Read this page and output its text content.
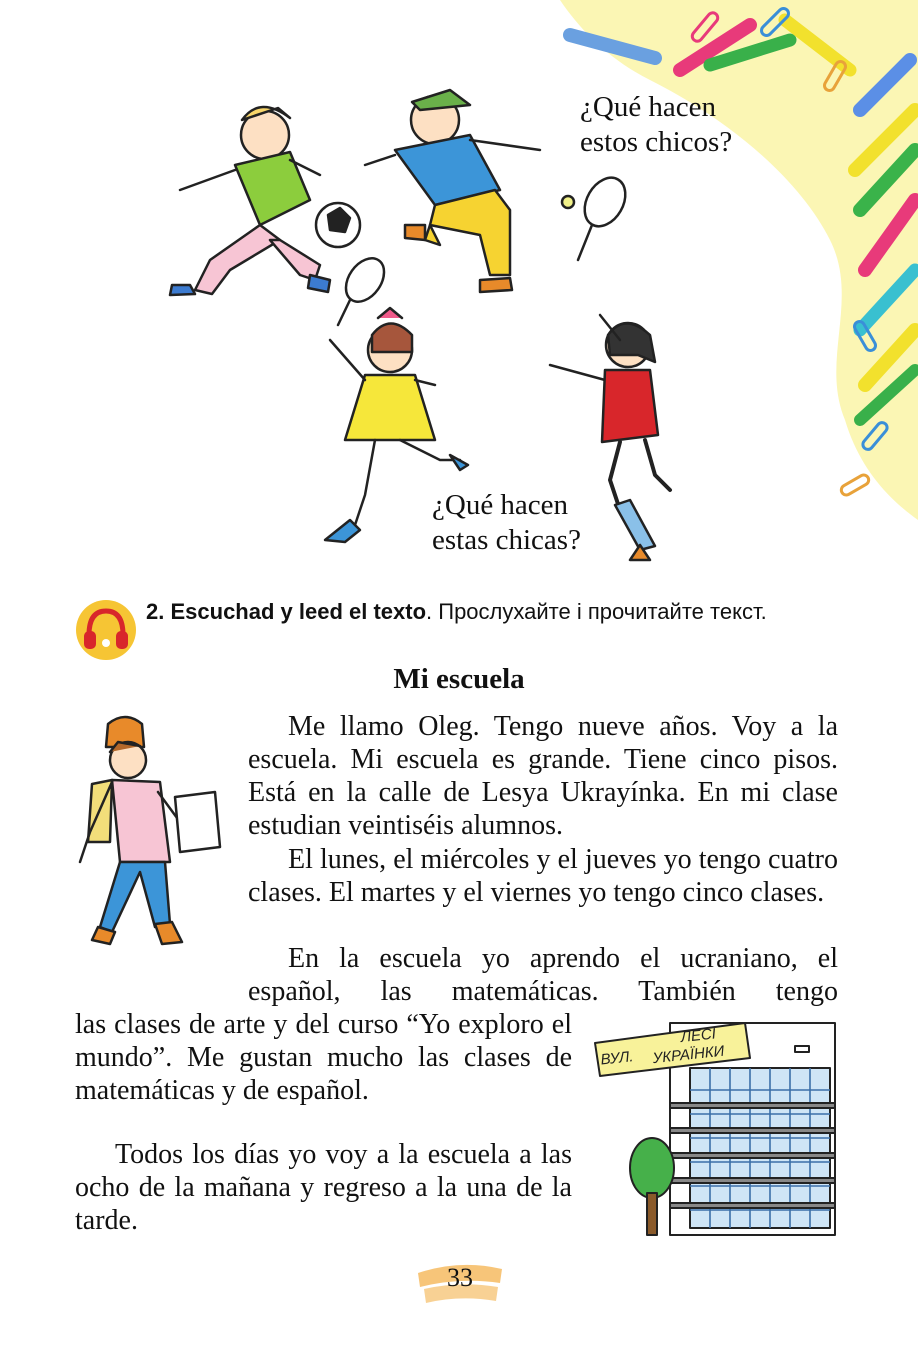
¿Qué hacen
estos chicos?
¿Qué hacen
estas chicas?
2. Escuchad y leed el texto. Прослухайте і прочитайте текст.
Mi escuela
Me llamo Oleg. Tengo nueve años. Voy a la escuela. Mi escuela es grande. Tiene cinco pisos. Está en la calle de Lesya Ukrayínka. En mi clase estudian veintiséis alumnos.
El lunes, el miércoles y el jueves yo tengo cuatro clases. El martes y el viernes yo tengo cinco clases.
En la escuela yo aprendo el ucraniano, el español, las matemáticas. También tengo
las clases de arte y del curso “Yo exploro el mundo”. Me gustan mucho las clases de matemáticas y de español.
Todos los días yo voy a la escuela a las ocho de la mañana y regreso a la una de la tarde.
ВУЛ.
ЛЕСІ
УКРАЇНКИ
33
